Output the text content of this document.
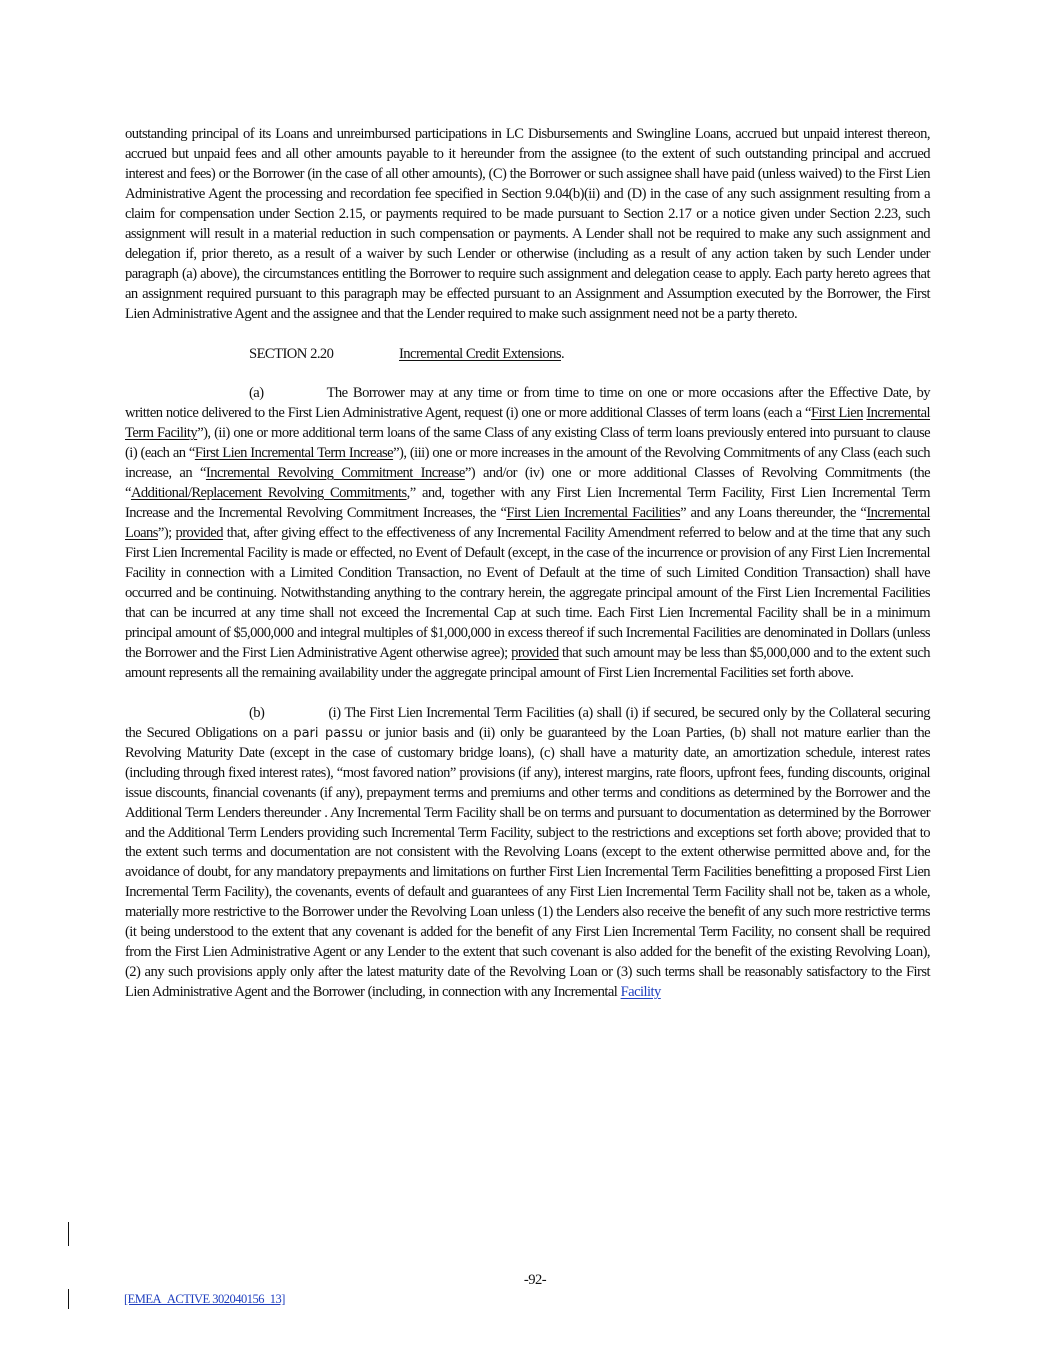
outstanding principal of its Loans and unreimbursed participations in LC Disbursements and Swingline Loans, accrued but unpaid interest thereon, accrued but unpaid fees and all other amounts payable to it hereunder from the assignee (to the extent of such outstanding principal and accrued interest and fees) or the Borrower (in the case of all other amounts), (C) the Borrower or such assignee shall have paid (unless waived) to the First Lien Administrative Agent the processing and recordation fee specified in Section 9.04(b)(ii) and (D) in the case of any such assignment resulting from a claim for compensation under Section 2.15, or payments required to be made pursuant to Section 2.17 or a notice given under Section 2.23, such assignment will result in a material reduction in such compensation or payments. A Lender shall not be required to make any such assignment and delegation if, prior thereto, as a result of a waiver by such Lender or otherwise (including as a result of any action taken by such Lender under paragraph (a) above), the circumstances entitling the Borrower to require such assignment and delegation cease to apply. Each party hereto agrees that an assignment required pursuant to this paragraph may be effected pursuant to an Assignment and Assumption executed by the Borrower, the First Lien Administrative Agent and the assignee and that the Lender required to make such assignment need not be a party thereto.

SECTION 2.20	Incremental Credit Extensions.

(a)	The Borrower may at any time or from time to time on one or more occasions after the Effective Date, by written notice delivered to the First Lien Administrative Agent, request (i) one or more additional Classes of term loans (each a “First Lien Incremental Term Facility”), (ii) one or more additional term loans of the same Class of any existing Class of term loans previously entered into pursuant to clause (i) (each an “First Lien Incremental Term Increase”), (iii) one or more increases in the amount of the Revolving Commitments of any Class (each such increase, an “Incremental Revolving Commitment Increase”) and/or (iv) one or more additional Classes of Revolving Commitments (the “Additional/Replacement Revolving Commitments,” and, together with any First Lien Incremental Term Facility, First Lien Incremental Term Increase and the Incremental Revolving Commitment Increases, the “First Lien Incremental Facilities” and any Loans thereunder, the “Incremental Loans”); provided that, after giving effect to the effectiveness of any Incremental Facility Amendment referred to below and at the time that any such First Lien Incremental Facility is made or effected, no Event of Default (except, in the case of the incurrence or provision of any First Lien Incremental Facility in connection with a Limited Condition Transaction, no Event of Default at the time of such Limited Condition Transaction) shall have occurred and be continuing. Notwithstanding anything to the contrary herein, the aggregate principal amount of the First Lien Incremental Facilities that can be incurred at any time shall not exceed the Incremental Cap at such time. Each First Lien Incremental Facility shall be in a minimum principal amount of $5,000,000 and integral multiples of $1,000,000 in excess thereof if such Incremental Facilities are denominated in Dollars (unless the Borrower and the First Lien Administrative Agent otherwise agree); provided that such amount may be less than $5,000,000 and to the extent such amount represents all the remaining availability under the aggregate principal amount of First Lien Incremental Facilities set forth above.

(b)	(i) The First Lien Incremental Term Facilities (a) shall (i) if secured, be secured only by the Collateral securing the Secured Obligations on a pari passu or junior basis and (ii) only be guaranteed by the Loan Parties, (b) shall not mature earlier than the Revolving Maturity Date (except in the case of customary bridge loans), (c) shall have a maturity date, an amortization schedule, interest rates (including through fixed interest rates), “most favored nation” provisions (if any), interest margins, rate floors, upfront fees, funding discounts, original issue discounts, financial covenants (if any), prepayment terms and premiums and other terms and conditions as determined by the Borrower and the Additional Term Lenders thereunder . Any Incremental Term Facility shall be on terms and pursuant to documentation as determined by the Borrower and the Additional Term Lenders providing such Incremental Term Facility, subject to the restrictions and exceptions set forth above; provided that to the extent such terms and documentation are not consistent with the Revolving Loans (except to the extent otherwise permitted above and, for the avoidance of doubt, for any mandatory prepayments and limitations on further First Lien Incremental Term Facilities benefitting a proposed First Lien Incremental Term Facility), the covenants, events of default and guarantees of any First Lien Incremental Term Facility shall not be, taken as a whole, materially more restrictive to the Borrower under the Revolving Loan unless (1) the Lenders also receive the benefit of any such more restrictive terms (it being understood to the extent that any covenant is added for the benefit of any First Lien Incremental Term Facility, no consent shall be required from the First Lien Administrative Agent or any Lender to the extent that such covenant is also added for the benefit of the existing Revolving Loan), (2) any such provisions apply only after the latest maturity date of the Revolving Loan or (3) such terms shall be reasonably satisfactory to the First Lien Administrative Agent and the Borrower (including, in connection with any Incremental Facility

-92-
[EMEA_ACTIVE 302040156_13]
